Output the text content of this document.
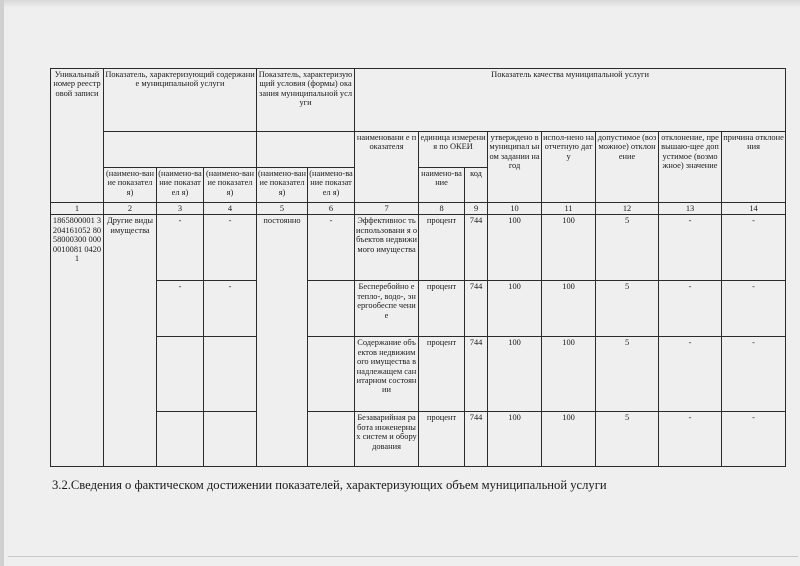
Уникальный номер реестровой записи	Показатель, характеризующий содержание муниципальной услуги			Показатель, характеризующий условия (формы) оказания муниципальной услуги		Показатель качества муниципальной услуги							
						наименовани е показателя	единица измерения по ОКЕИ		утверждено в муниципал ьном задании на год	испол-нено на отчетную дату	допустимое (возможное) отклонение	отклонение, превышаю-щее допустимое (возможное) значение	причина отклонения
	(наимено-вание показателя)	(наимено-вание показател я)	(наимено-вание показателя)	(наимено-вание показателя)	(наимено-вание показател я)		наимено-вание	код					
1	2	3	4	5	6	7	8	9	10	11	12	13	14
1865800001 3204161052 8058000300 0000010081 04201	Другие виды имущества	-	-	постоянно	-	Эффективнос ть использовани я объектов недвижимого имущества	процент	744	100	100	5	-	-
		-	-			Бесперебойно е тепло-, водо-, энергообеспе чение	процент	744	100	100	5	-	-
						Содержание объектов недвижимого имущества в надлежащем санитарном состоянии	процент	744	100	100	5	-	-
						Безаварийная работа инженерных систем и оборудования	процент	744	100	100	5	-	-
3.2.Сведения о фактическом достижении показателей, характеризующих объем муниципальной услуги
